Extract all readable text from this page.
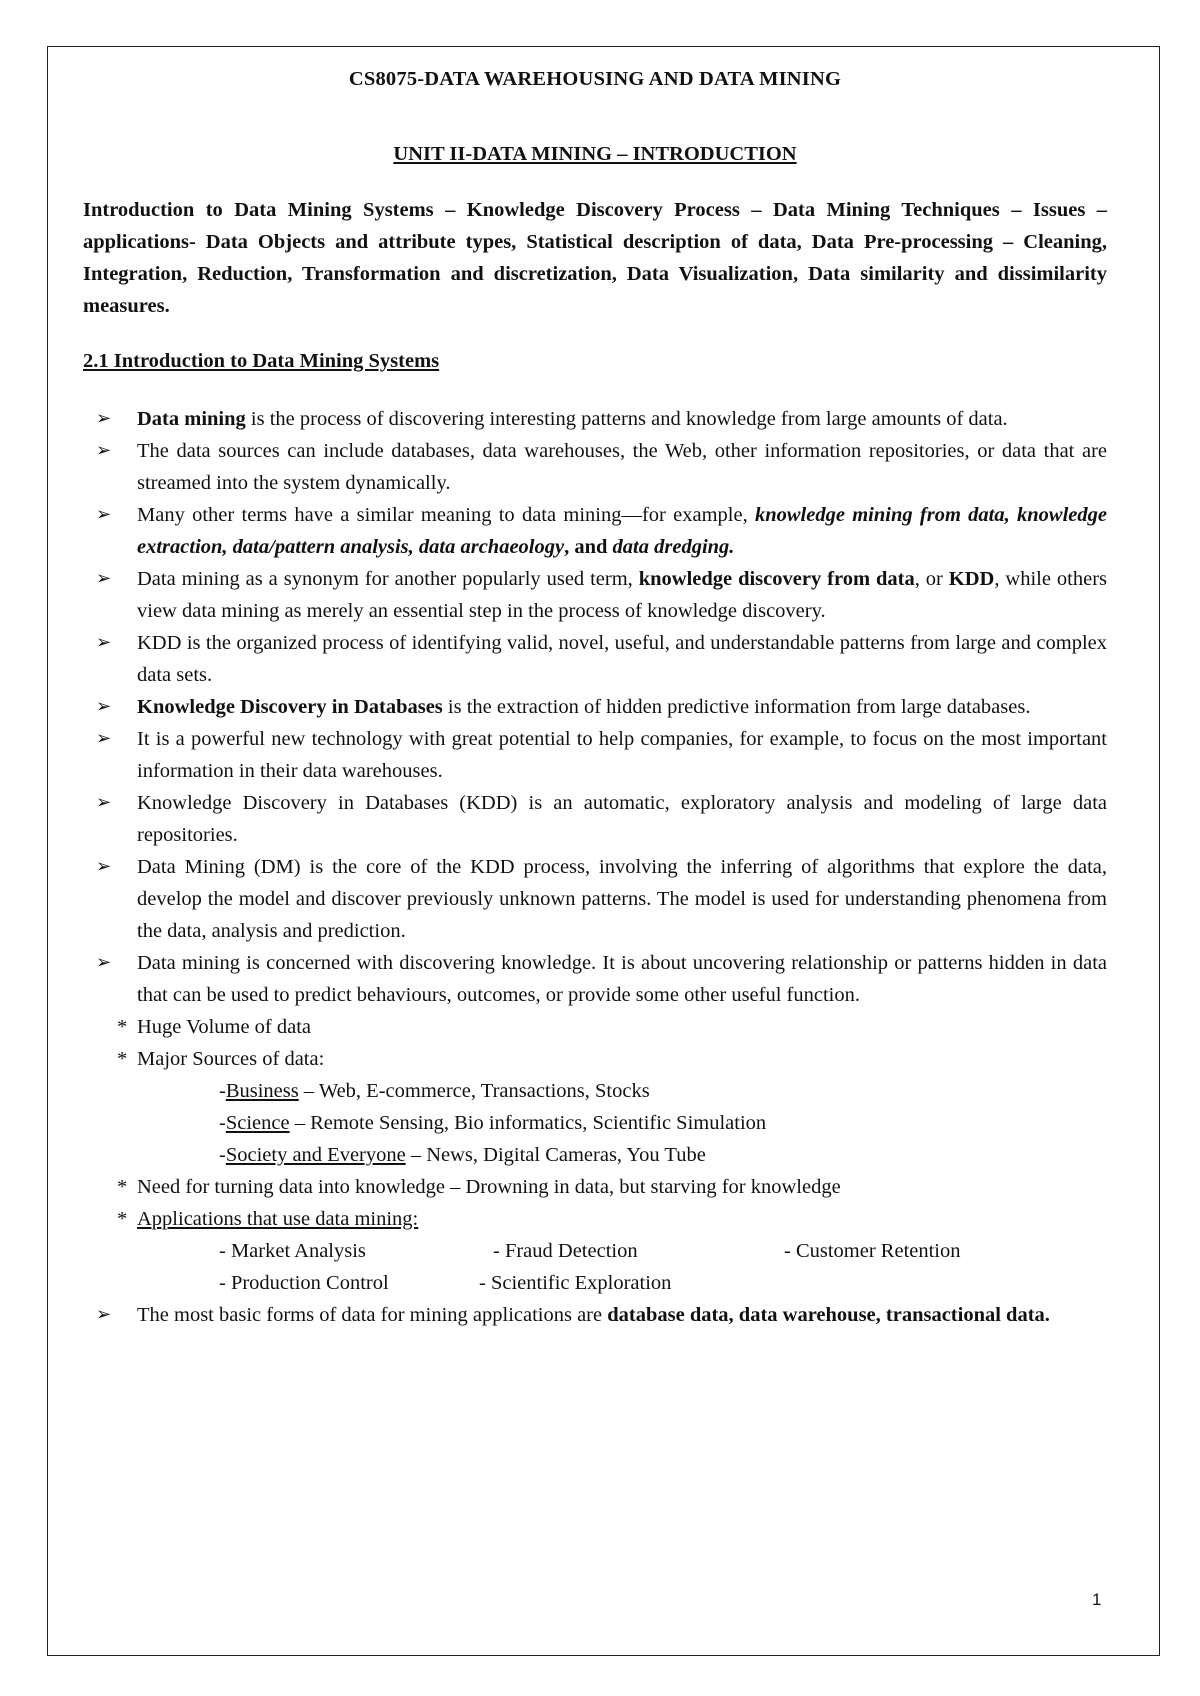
CS8075-DATA WAREHOUSING AND DATA MINING

UNIT II-DATA MINING – INTRODUCTION

Introduction to Data Mining Systems – Knowledge Discovery Process – Data Mining Techniques – Issues – applications- Data Objects and attribute types, Statistical description of data, Data Pre-processing – Cleaning, Integration, Reduction, Transformation and discretization, Data Visualization, Data similarity and dissimilarity measures.

2.1 Introduction to Data Mining Systems

➢ Data mining is the process of discovering interesting patterns and knowledge from large amounts of data.
➢ The data sources can include databases, data warehouses, the Web, other information repositories, or data that are streamed into the system dynamically.
➢ Many other terms have a similar meaning to data mining—for example, knowledge mining from data, knowledge extraction, data/pattern analysis, data archaeology, and data dredging.
➢ Data mining as a synonym for another popularly used term, knowledge discovery from data, or KDD, while others view data mining as merely an essential step in the process of knowledge discovery.
➢ KDD is the organized process of identifying valid, novel, useful, and understandable patterns from large and complex data sets.
➢ Knowledge Discovery in Databases is the extraction of hidden predictive information from large databases.
➢ It is a powerful new technology with great potential to help companies, for example, to focus on the most important information in their data warehouses.
➢ Knowledge Discovery in Databases (KDD) is an automatic, exploratory analysis and modeling of large data repositories.
➢ Data Mining (DM) is the core of the KDD process, involving the inferring of algorithms that explore the data, develop the model and discover previously unknown patterns. The model is used for understanding phenomena from the data, analysis and prediction.
➢ Data mining is concerned with discovering knowledge. It is about uncovering relationship or patterns hidden in data that can be used to predict behaviours, outcomes, or provide some other useful function.
* Huge Volume of data
* Major Sources of data:
-Business – Web, E-commerce, Transactions, Stocks
-Science – Remote Sensing, Bio informatics, Scientific Simulation
-Society and Everyone – News, Digital Cameras, You Tube
* Need for turning data into knowledge – Drowning in data, but starving for knowledge
* Applications that use data mining:
- Market Analysis	- Fraud Detection	- Customer Retention
- Production Control	- Scientific Exploration
➢ The most basic forms of data for mining applications are database data, data warehouse, transactional data.
1
